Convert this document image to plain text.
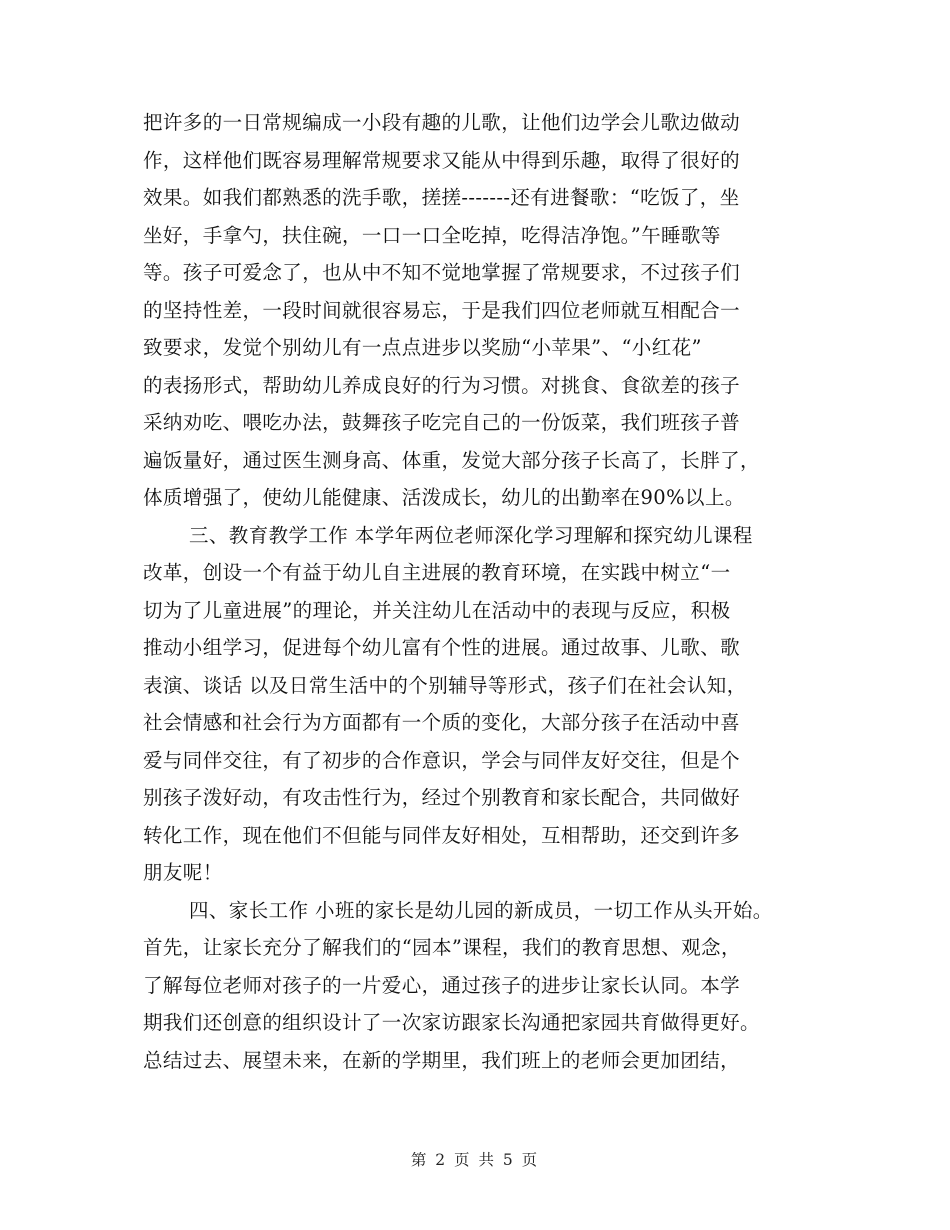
把许多的一日常规编成一小段有趣的儿歌，让他们边学会儿歌边做动
作，这样他们既容易理解常规要求又能从中得到乐趣，取得了很好的
效果。如我们都熟悉的洗手歌，搓搓-------还有进餐歌：“吃饭了，坐
坐好，手拿勺，扶住碗，一口一口全吃掉，吃得洁净饱。”午睡歌等
等。孩子可爱念了，也从中不知不觉地掌握了常规要求，不过孩子们
的坚持性差，一段时间就很容易忘，于是我们四位老师就互相配合一
致要求，发觉个别幼儿有一点点进步以奖励“小苹果”、“小红花”
的表扬形式，帮助幼儿养成良好的行为习惯。对挑食、食欲差的孩子
采纳劝吃、喂吃办法，鼓舞孩子吃完自己的一份饭菜，我们班孩子普
遍饭量好，通过医生测身高、体重，发觉大部分孩子长高了，长胖了，
体质增强了，使幼儿能健康、活泼成长，幼儿的出勤率在90%以上。
三、教育教学工作 本学年两位老师深化学习理解和探究幼儿课程
改革，创设一个有益于幼儿自主进展的教育环境，在实践中树立“一
切为了儿童进展”的理论，并关注幼儿在活动中的表现与反应，积极
推动小组学习，促进每个幼儿富有个性的进展。通过故事、儿歌、歌
表演、谈话 以及日常生活中的个别辅导等形式，孩子们在社会认知，
社会情感和社会行为方面都有一个质的变化，大部分孩子在活动中喜
爱与同伴交往，有了初步的合作意识，学会与同伴友好交往，但是个
别孩子泼好动，有攻击性行为，经过个别教育和家长配合，共同做好
转化工作，现在他们不但能与同伴友好相处，互相帮助，还交到许多
朋友呢！
四、家长工作 小班的家长是幼儿园的新成员，一切工作从头开始。
首先，让家长充分了解我们的“园本”课程，我们的教育思想、观念，
了解每位老师对孩子的一片爱心，通过孩子的进步让家长认同。本学
期我们还创意的组织设计了一次家访跟家长沟通把家园共育做得更好。
总结过去、展望未来，在新的学期里，我们班上的老师会更加团结，
第 2 页 共 5 页
